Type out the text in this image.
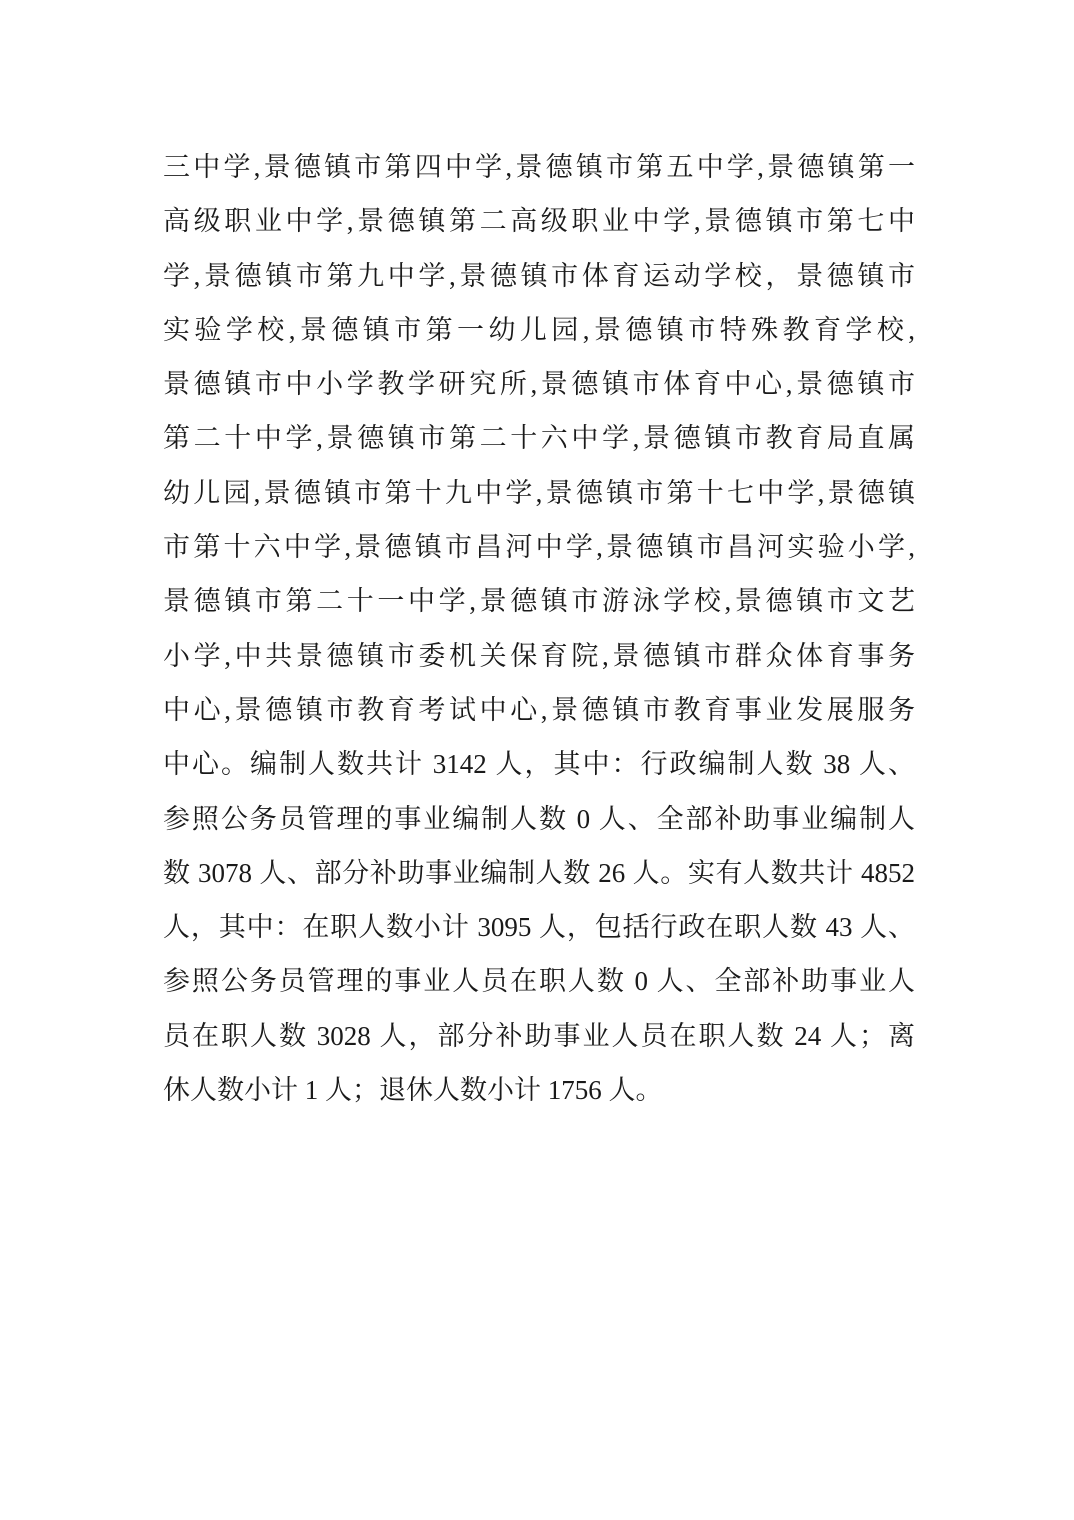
三中学,景德镇市第四中学,景德镇市第五中学,景德镇第一
高级职业中学,景德镇第二高级职业中学,景德镇市第七中
学,景德镇市第九中学,景德镇市体育运动学校，景德镇市
实验学校,景德镇市第一幼儿园,景德镇市特殊教育学校,
景德镇市中小学教学研究所,景德镇市体育中心,景德镇市
第二十中学,景德镇市第二十六中学,景德镇市教育局直属
幼儿园,景德镇市第十九中学,景德镇市第十七中学,景德镇
市第十六中学,景德镇市昌河中学,景德镇市昌河实验小学,
景德镇市第二十一中学,景德镇市游泳学校,景德镇市文艺
小学,中共景德镇市委机关保育院,景德镇市群众体育事务
中心,景德镇市教育考试中心,景德镇市教育事业发展服务
中心。编制人数共计 3142 人，其中：行政编制人数 38 人、
参照公务员管理的事业编制人数 0 人、全部补助事业编制人
数 3078 人、部分补助事业编制人数 26 人。实有人数共计 4852
人，其中：在职人数小计 3095 人，包括行政在职人数 43 人、
参照公务员管理的事业人员在职人数 0 人、全部补助事业人
员在职人数 3028 人，部分补助事业人员在职人数 24 人；离
休人数小计 1 人；退休人数小计 1756 人。
